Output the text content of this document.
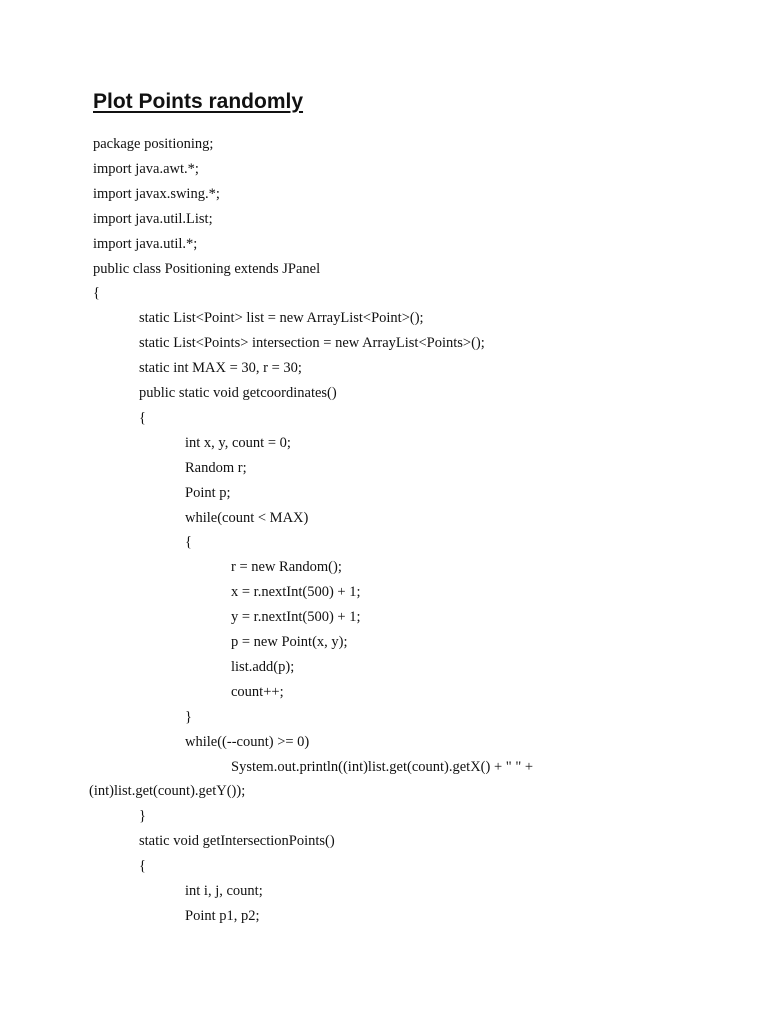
Plot Points randomly
package positioning;
import java.awt.*;
import javax.swing.*;
import java.util.List;
import java.util.*;
public class Positioning extends JPanel
{
static List<Point> list = new ArrayList<Point>();
static List<Points> intersection = new ArrayList<Points>();
static int MAX = 30, r = 30;
public static void getcoordinates()
{
int x, y, count = 0;
Random r;
Point p;
while(count < MAX)
{
r = new Random();
x = r.nextInt(500) + 1;
y = r.nextInt(500) + 1;
p = new Point(x, y);
list.add(p);
count++;
}
while((--count) >= 0)
System.out.println((int)list.get(count).getX() + " " +
(int)list.get(count).getY());
}
static void getIntersectionPoints()
{
int i, j, count;
Point p1, p2;
